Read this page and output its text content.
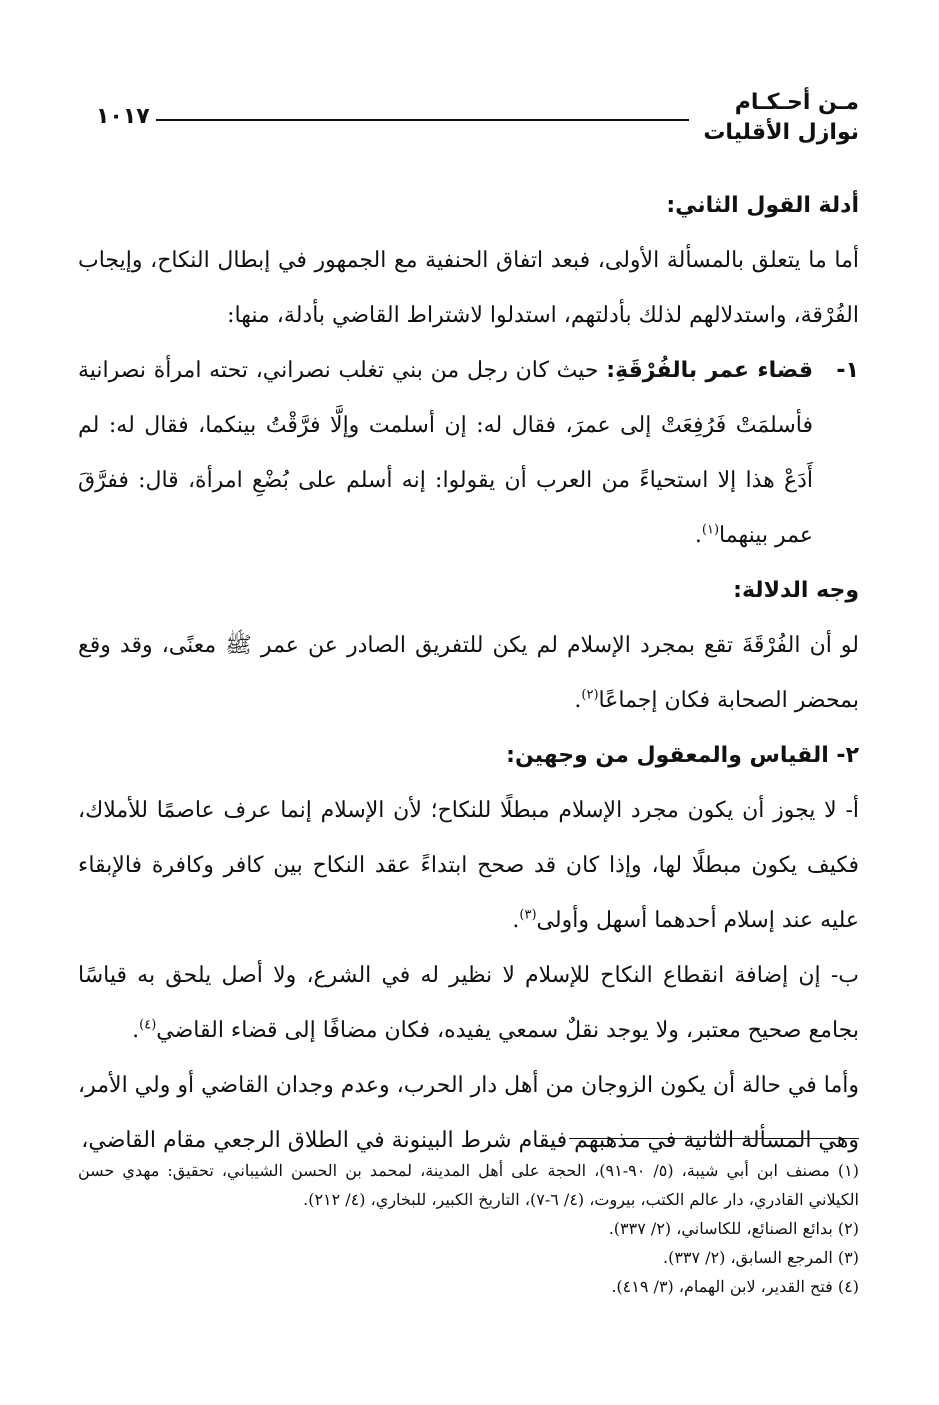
١٠١٧
مـن أحـكـام
نوازل الأقليات

أدلة القول الثاني:

أما ما يتعلق بالمسألة الأولى، فبعد اتفاق الحنفية مع الجمهور في إبطال النكاح، وإيجاب الفُرْقة، واستدلالهم لذلك بأدلتهم، استدلوا لاشتراط القاضي بأدلة، منها:

١-
قضاء عمر بالفُرْقَةِ: حيث كان رجل من بني تغلب نصراني، تحته امرأة نصرانية فأسلمَتْ فَرُفِعَتْ إلى عمرَ، فقال له: إن أسلمت وإلَّا فرَّقْتُ بينكما، فقال له: لم أَدَعْ هذا إلا استحياءً من العرب أن يقولوا: إنه أسلم على بُضْعِ امرأة، قال: ففرَّقَ عمر بينهما$^{(١)}$.

وجه الدلالة:

لو أن الفُرْقَةَ تقع بمجرد الإسلام لم يكن للتفريق الصادر عن عمر ﷺ معنًى، وقد وقع بمحضر الصحابة فكان إجماعًا$^{(٢)}$.

٢- القياس والمعقول من وجهين:

أ- لا يجوز أن يكون مجرد الإسلام مبطلًا للنكاح؛ لأن الإسلام إنما عرف عاصمًا للأملاك، فكيف يكون مبطلًا لها، وإذا كان قد صحح ابتداءً عقد النكاح بين كافر وكافرة فالإبقاء عليه عند إسلام أحدهما أسهل وأولى$^{(٣)}$.

ب- إن إضافة انقطاع النكاح للإسلام لا نظير له في الشرع، ولا أصل يلحق به قياسًا بجامع صحيح معتبر، ولا يوجد نقلٌ سمعي يفيده، فكان مضافًا إلى قضاء القاضي$^{(٤)}$.

وأما في حالة أن يكون الزوجان من أهل دار الحرب، وعدم وجدان القاضي أو ولي الأمر، وهي المسألة الثانية في مذهبهم فيقام شرط البينونة في الطلاق الرجعي مقام القاضي،

(١) مصنف ابن أبي شيبة، (٥/ ٩٠-٩١)، الحجة على أهل المدينة، لمحمد بن الحسن الشيباني، تحقيق: مهدي حسن الكيلاني القادري، دار عالم الكتب، بيروت، (٤/ ٦-٧)، التاريخ الكبير، للبخاري، (٤/ ٢١٢).

(٢) بدائع الصنائع، للكاساني، (٢/ ٣٣٧).

(٣) المرجع السابق، (٢/ ٣٣٧).

(٤) فتح القدير، لابن الهمام، (٣/ ٤١٩).
